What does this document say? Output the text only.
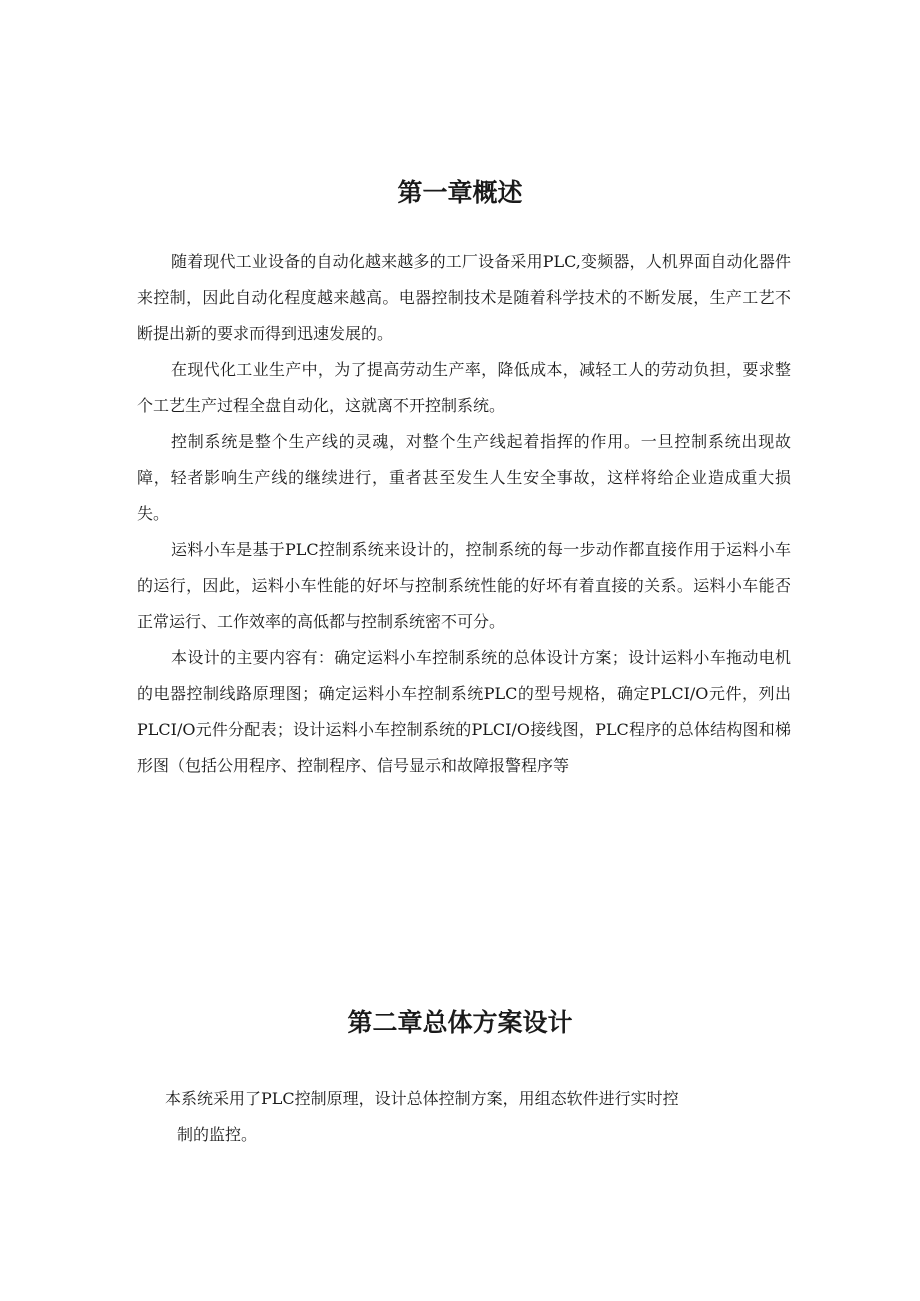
第一章概述

随着现代工业设备的自动化越来越多的工厂设备采用PLC,变频器，人机界面自动化器件来控制，因此自动化程度越来越高。电器控制技术是随着科学技术的不断发展，生产工艺不断提出新的要求而得到迅速发展的。

在现代化工业生产中，为了提高劳动生产率，降低成本，减轻工人的劳动负担，要求整个工艺生产过程全盘自动化，这就离不开控制系统。

控制系统是整个生产线的灵魂，对整个生产线起着指挥的作用。一旦控制系统出现故障，轻者影响生产线的继续进行，重者甚至发生人生安全事故，这样将给企业造成重大损失。

运料小车是基于PLC控制系统来设计的，控制系统的每一步动作都直接作用于运料小车的运行，因此，运料小车性能的好坏与控制系统性能的好坏有着直接的关系。运料小车能否正常运行、工作效率的高低都与控制系统密不可分。

本设计的主要内容有：确定运料小车控制系统的总体设计方案；设计运料小车拖动电机的电器控制线路原理图；确定运料小车控制系统PLC的型号规格，确定PLCI/O元件，列出PLCI/O元件分配表；设计运料小车控制系统的PLCI/O接线图，PLC程序的总体结构图和梯形图（包括公用程序、控制程序、信号显示和故障报警程序等

第二章总体方案设计
本系统采用了PLC控制原理，设计总体控制方案，用组态软件进行实时控
制的监控。
